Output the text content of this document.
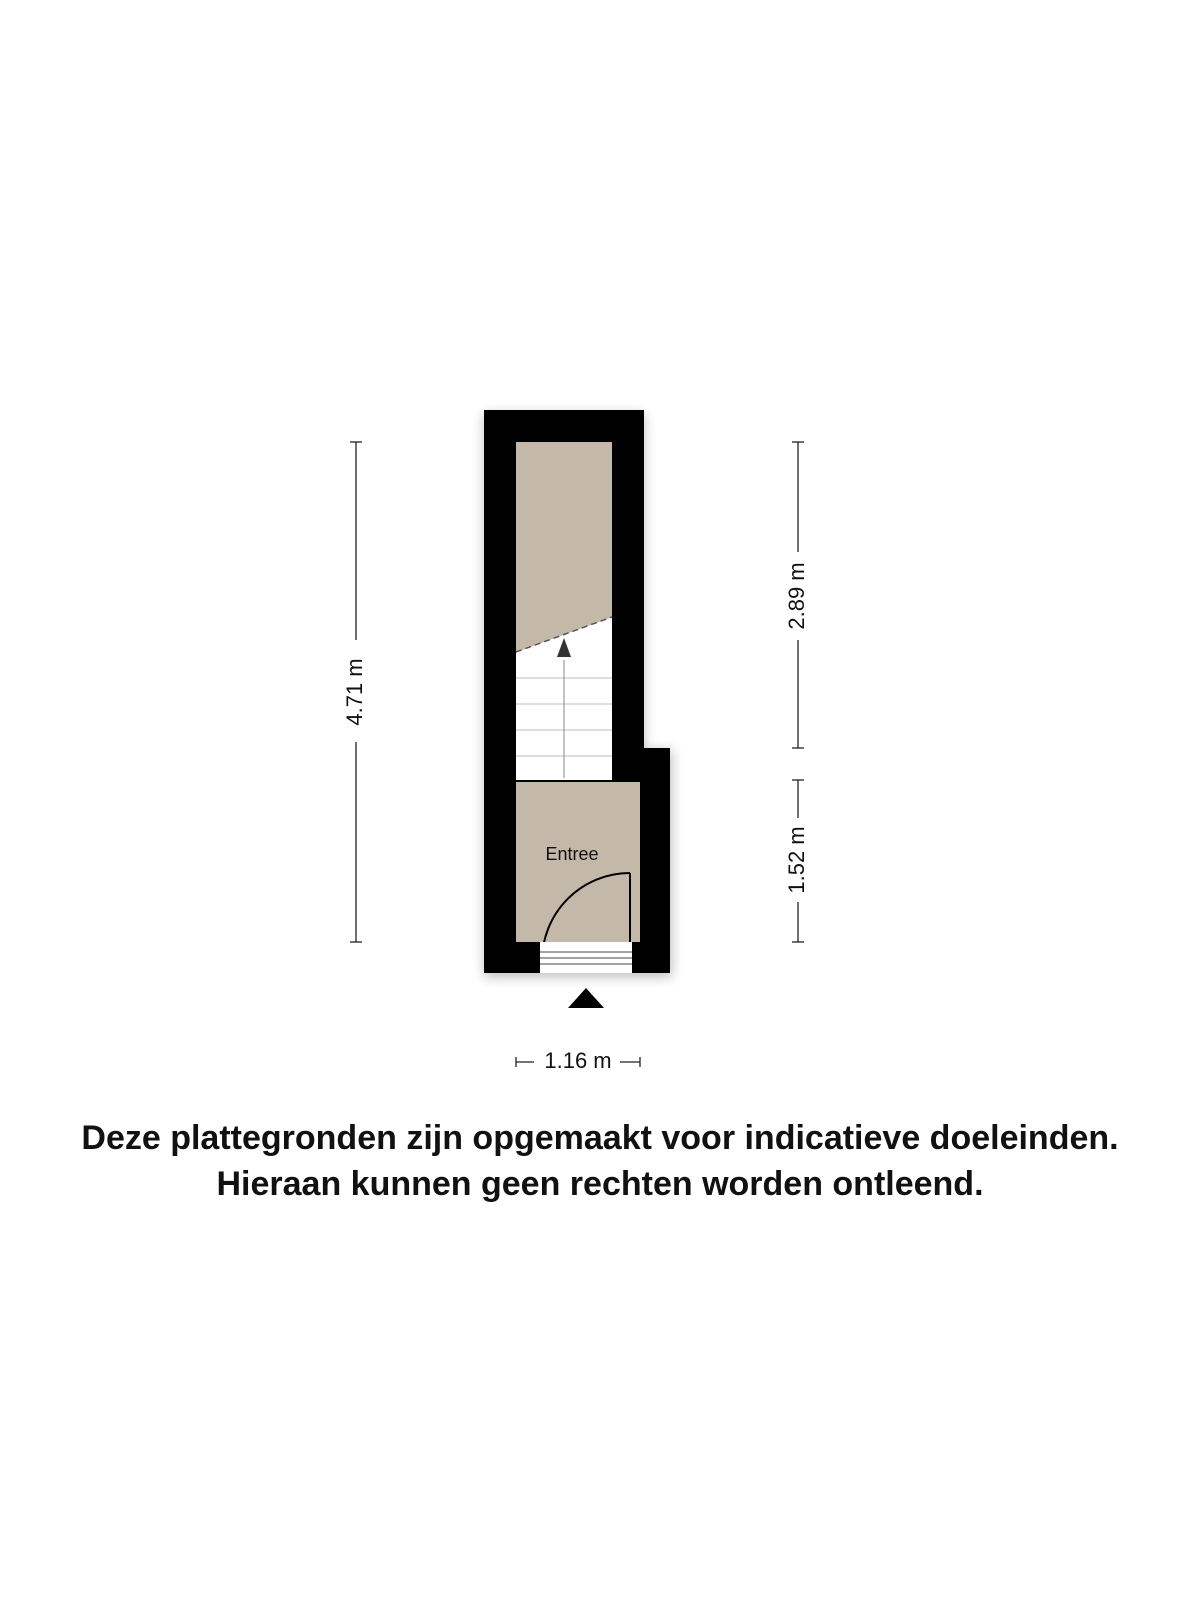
Entree
4.71 m
2.89 m
1.52 m
1.16 m
Deze plattegronden zijn opgemaakt voor indicatieve doeleinden.
Hieraan kunnen geen rechten worden ontleend.
